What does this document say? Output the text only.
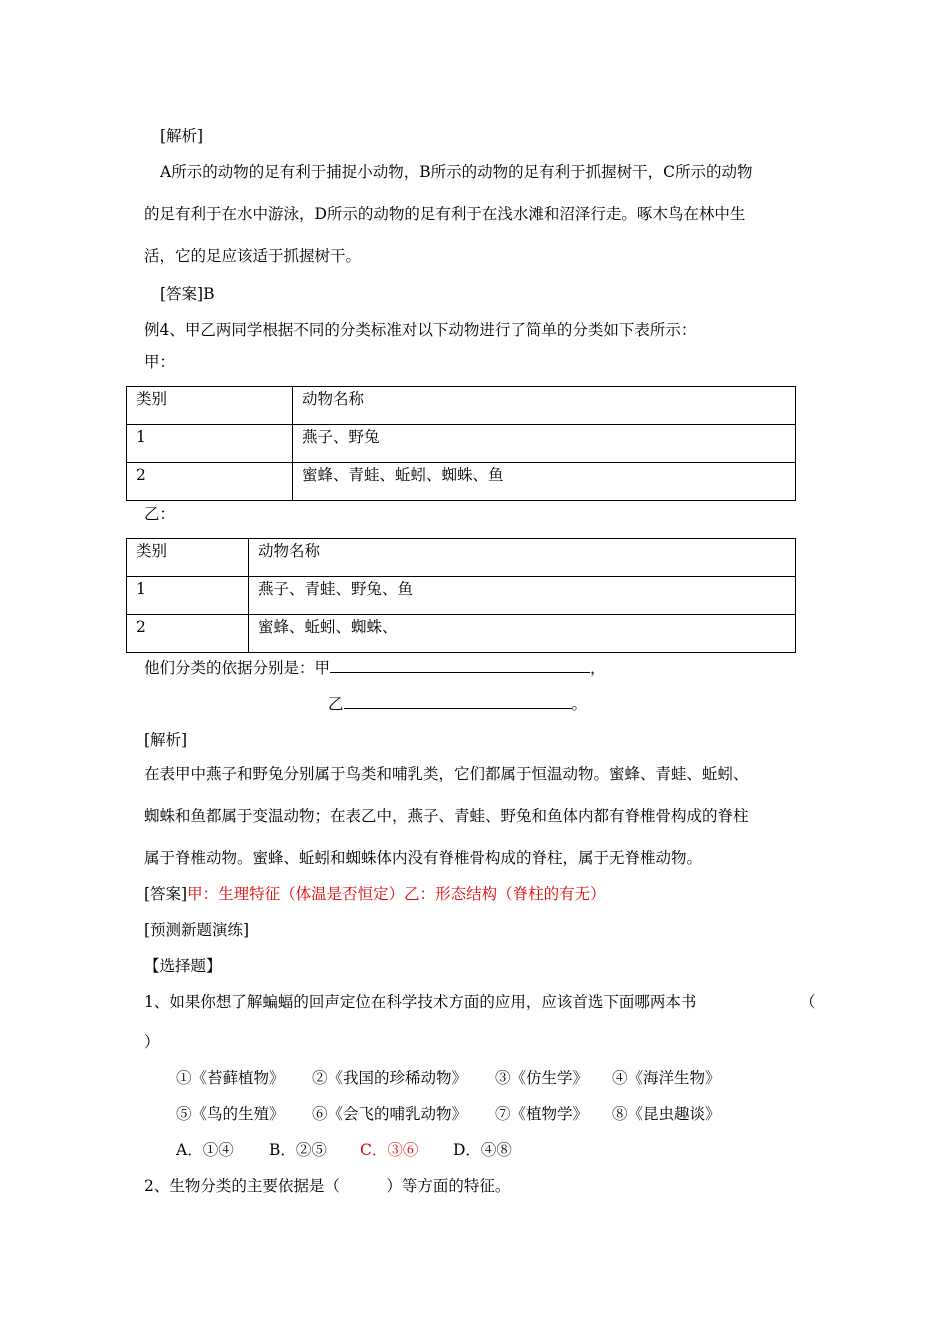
[解析]
A所示的动物的足有利于捕捉小动物，B所示的动物的足有利于抓握树干，C所示的动物
的足有利于在水中游泳，D所示的动物的足有利于在浅水滩和沼泽行走。啄木鸟在林中生
活，它的足应该适于抓握树干。
[答案]B
例4、甲乙两同学根据不同的分类标准对以下动物进行了简单的分类如下表所示：
甲：
类别	动物名称
1	燕子、野兔
2	蜜蜂、青蛙、蚯蚓、蜘蛛、鱼
乙：
类别	动物名称
1	燕子、青蛙、野兔、鱼
2	蜜蜂、蚯蚓、蜘蛛、
他们分类的依据分别是：甲	，
乙	。
[解析]
在表甲中燕子和野兔分别属于鸟类和哺乳类，它们都属于恒温动物。蜜蜂、青蛙、蚯蚓、
蜘蛛和鱼都属于变温动物；在表乙中，燕子、青蛙、野兔和鱼体内都有脊椎骨构成的脊柱
属于脊椎动物。蜜蜂、蚯蚓和蜘蛛体内没有脊椎骨构成的脊柱，属于无脊椎动物。
[答案]甲：生理特征（体温是否恒定）乙：形态结构（脊柱的有无）
[预测新题演练]
【选择题】
1、如果你想了解蝙蝠的回声定位在科学技术方面的应用，应该首选下面哪两本书	（
）
①《苔藓植物》 ②《我国的珍稀动物》 ③《仿生学》 ④《海洋生物》
⑤《鸟的生殖》 ⑥《会飞的哺乳动物》 ⑦《植物学》 ⑧《昆虫趣谈》
A．①④ B．②⑤ C．③⑥ D．④⑧
2、生物分类的主要依据是（　　　）等方面的特征。
